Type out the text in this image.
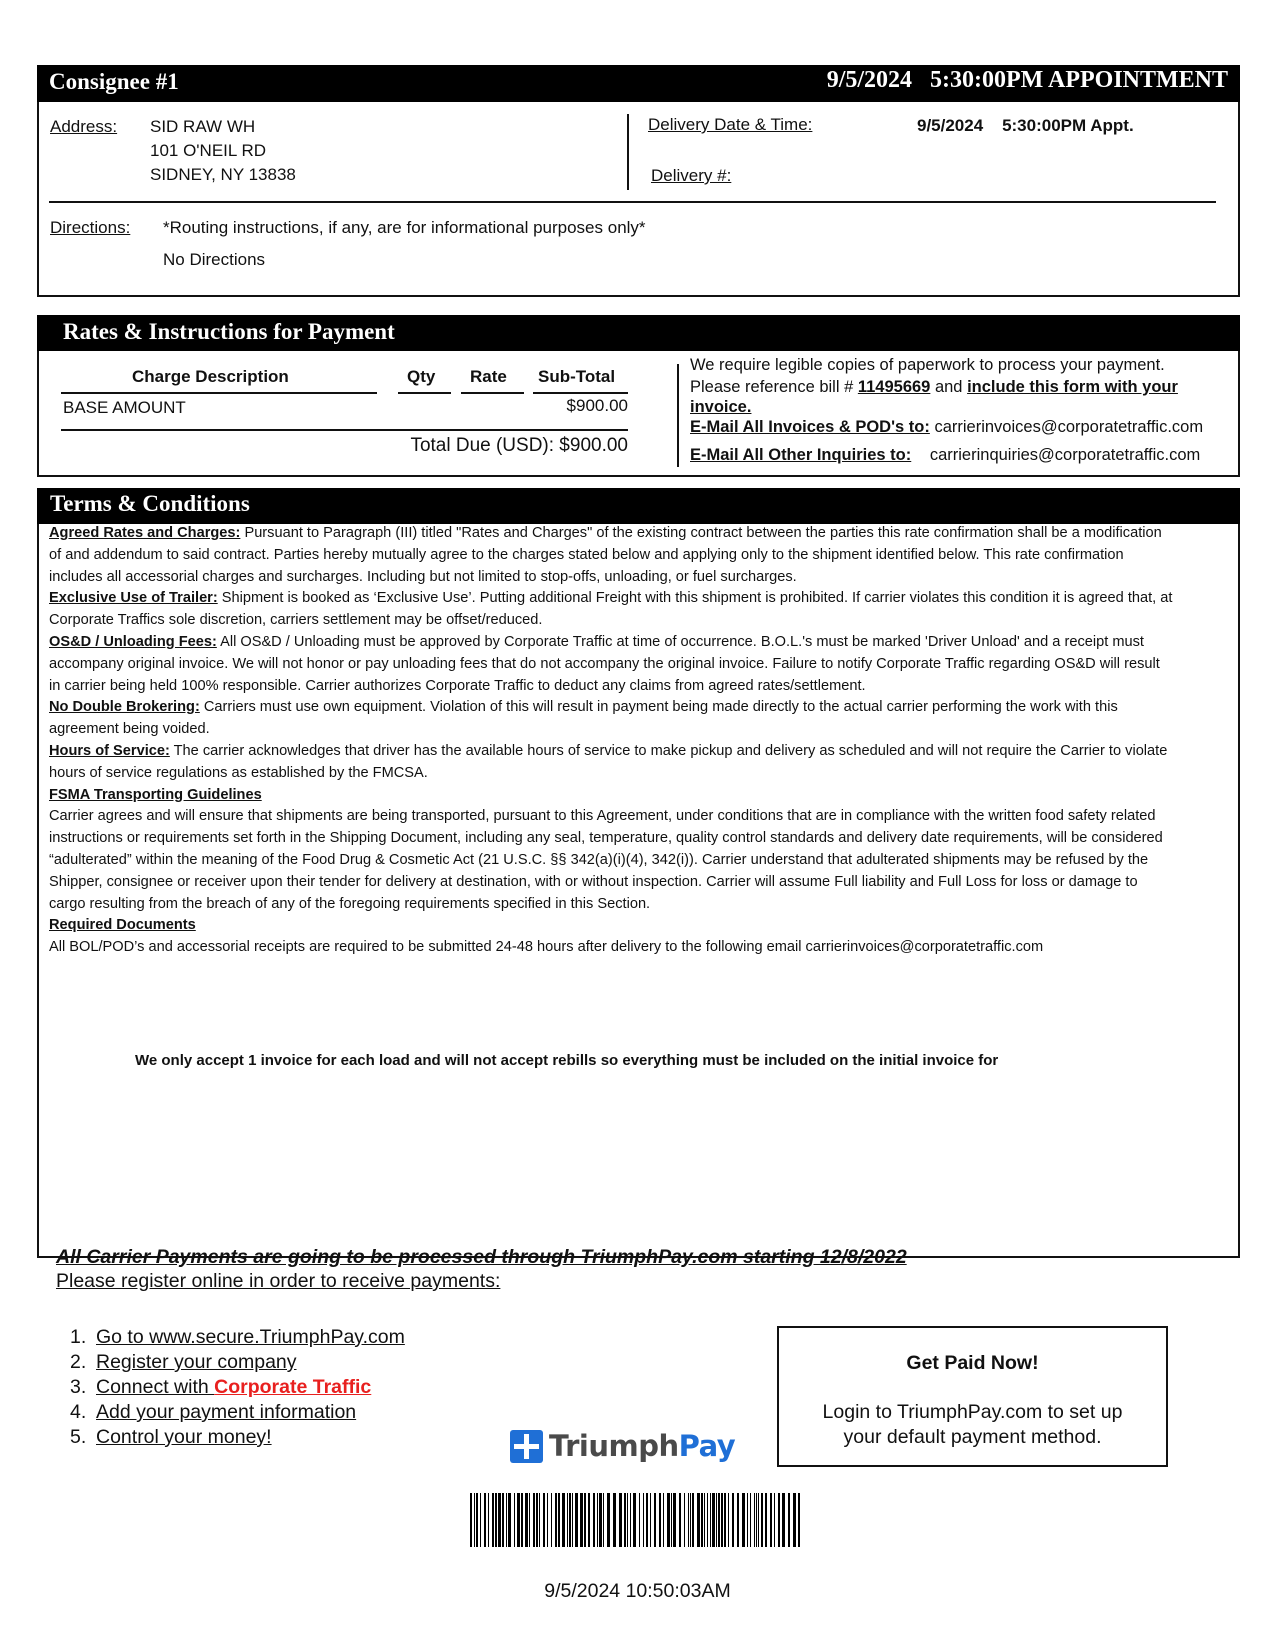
Consignee #1	9/5/2024   5:30:00PM APPOINTMENT
Address: SID RAW WH
101 O'NEIL RD
SIDNEY, NY 13838
Delivery Date & Time:	9/5/2024    5:30:00PM Appt.
Delivery #:
Directions: *Routing instructions, if any, are for informational purposes only*
No Directions
Rates & Instructions for Payment
Charge Description	Qty Rate Sub-Total
BASE AMOUNT	$900.00
Total Due (USD): $900.00
We require legible copies of paperwork to process your payment.
Please reference bill # 11495669 and include this form with your
invoice.
E-Mail All Invoices & POD's to: carrierinvoices@corporatetraffic.com
E-Mail All Other Inquiries to: carrierinquiries@corporatetraffic.com
Terms & Conditions

Agreed Rates and Charges: Pursuant to Paragraph (III) titled "Rates and Charges" of the existing contract between the parties this rate confirmation shall be a modification of and addendum to said contract. Parties hereby mutually agree to the charges stated below and applying only to the shipment identified below. This rate confirmation includes all accessorial charges and surcharges. Including but not limited to stop-offs, unloading, or fuel surcharges.

Exclusive Use of Trailer: Shipment is booked as ‘Exclusive Use’. Putting additional Freight with this shipment is prohibited. If carrier violates this condition it is agreed that, at Corporate Traffics sole discretion, carriers settlement may be offset/reduced.

OS&D / Unloading Fees: All OS&D / Unloading must be approved by Corporate Traffic at time of occurrence. B.O.L.'s must be marked 'Driver Unload' and a receipt must accompany original invoice. We will not honor or pay unloading fees that do not accompany the original invoice. Failure to notify Corporate Traffic regarding OS&D will result in carrier being held 100% responsible. Carrier authorizes Corporate Traffic to deduct any claims from agreed rates/settlement.

No Double Brokering: Carriers must use own equipment. Violation of this will result in payment being made directly to the actual carrier performing the work with this agreement being voided.

Hours of Service: The carrier acknowledges that driver has the available hours of service to make pickup and delivery as scheduled and will not require the Carrier to violate hours of service regulations as established by the FMCSA.

FSMA Transporting Guidelines

Carrier agrees and will ensure that shipments are being transported, pursuant to this Agreement, under conditions that are in compliance with the written food safety related instructions or requirements set forth in the Shipping Document, including any seal, temperature, quality control standards and delivery date requirements, will be considered “adulterated” within the meaning of the Food Drug & Cosmetic Act (21 U.S.C. §§ 342(a)(i)(4), 342(i)). Carrier understand that adulterated shipments may be refused by the Shipper, consignee or receiver upon their tender for delivery at destination, with or without inspection. Carrier will assume Full liability and Full Loss for loss or damage to cargo resulting from the breach of any of the foregoing requirements specified in this Section.

Required Documents

All BOL/POD’s and accessorial receipts are required to be submitted 24-48 hours after delivery to the following email carrierinvoices@corporatetraffic.com

We only accept 1 invoice for each load and will not accept rebills so everything must be included on the initial invoice for
All Carrier Payments are going to be processed through TriumphPay.com starting 12/8/2022
Please register online in order to receive payments:
1. Go to www.secure.TriumphPay.com
2. Register your company
3. Connect with Corporate Traffic
4. Add your payment information
5. Control your money!	Triumph Pay
Get Paid Now!
Login to TriumphPay.com to set up
your default payment method.
9/5/2024 10:50:03AM
